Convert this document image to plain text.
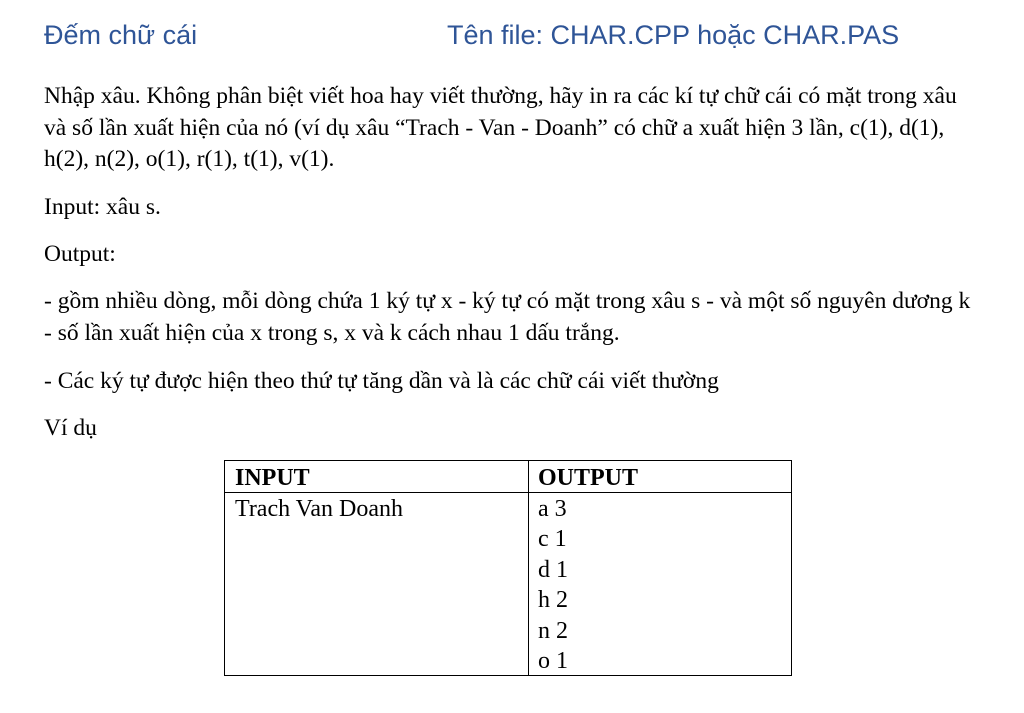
Đếm chữ cái	Tên file: CHAR.CPP hoặc CHAR.PAS
Nhập xâu. Không phân biệt viết hoa hay viết thường, hãy in ra các kí tự chữ cái có mặt trong xâu và số lần xuất hiện của nó (ví dụ xâu “Trach - Van - Doanh” có chữ a xuất hiện 3 lần, c(1), d(1), h(2), n(2), o(1), r(1), t(1), v(1).
Input: xâu s.
Output:
- gồm nhiều dòng, mỗi dòng chứa 1 ký tự x - ký tự có mặt trong xâu s - và một số nguyên dương k - số lần xuất hiện của x trong s, x và k cách nhau 1 dấu trắng.
- Các ký tự được hiện theo thứ tự tăng dần và là các chữ cái viết thường
Ví dụ
INPUT	OUTPUT
Trach Van Doanh	a 3
c 1
d 1
h 2
n 2
o 1
